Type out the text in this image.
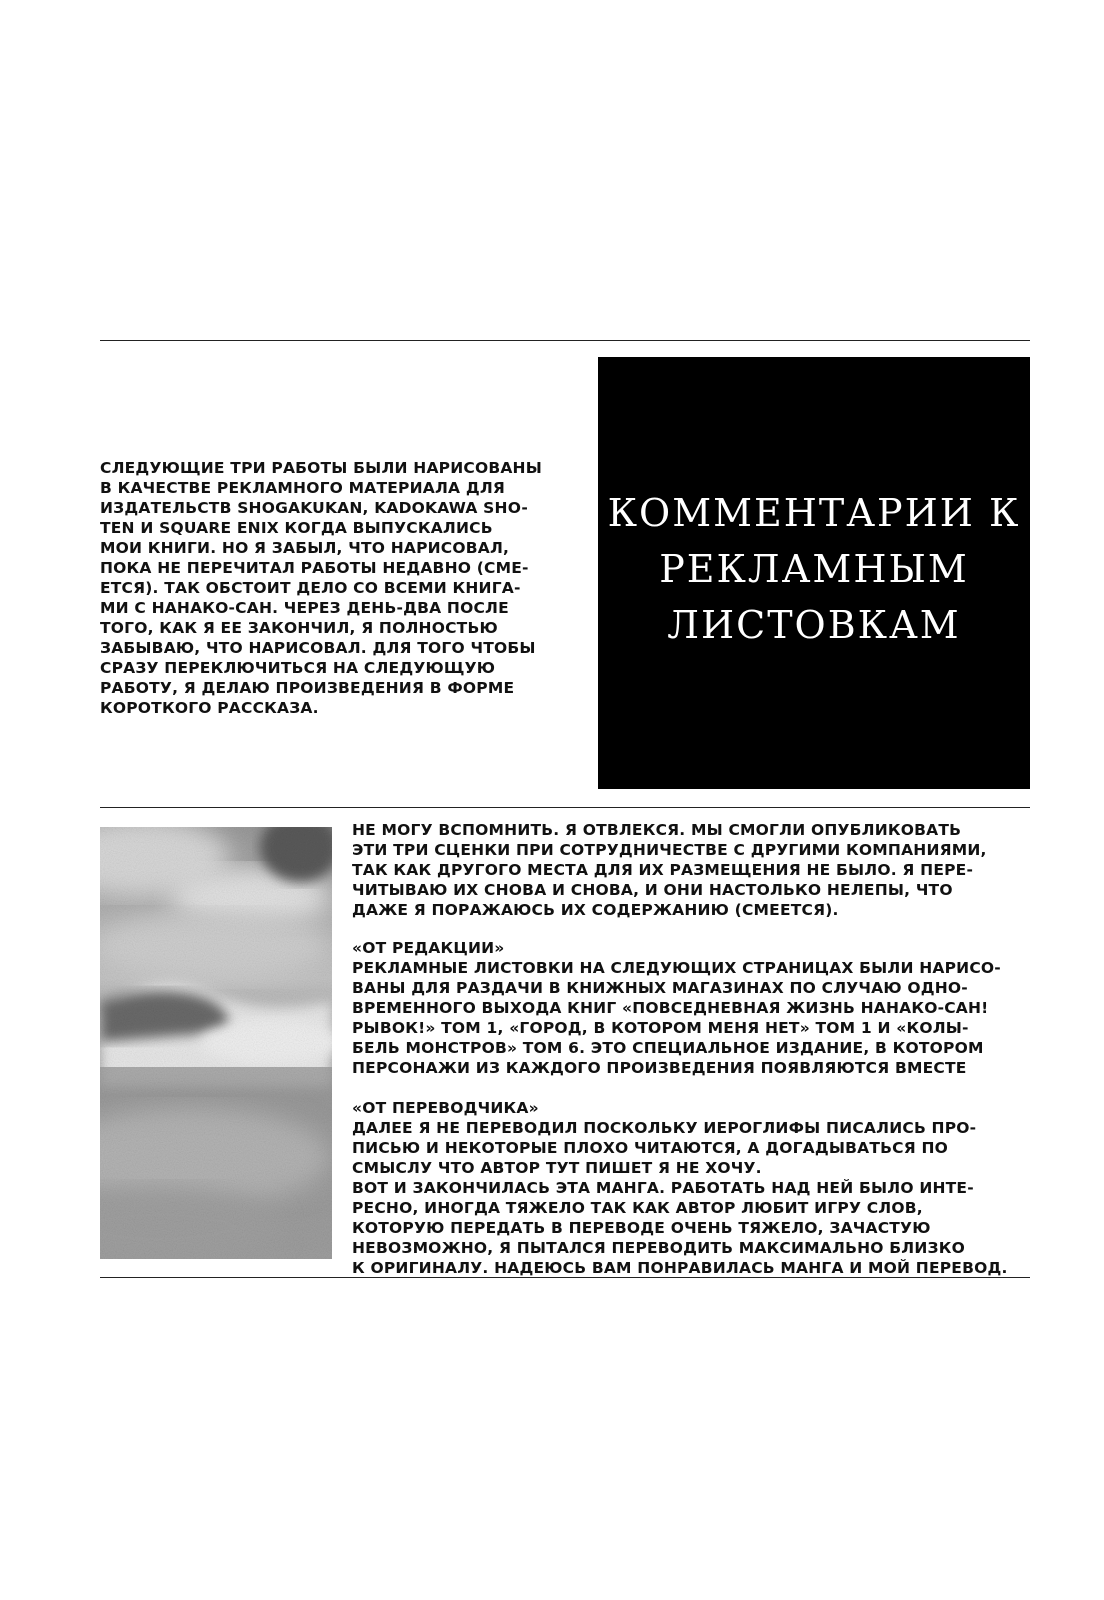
СЛЕДУЮЩИЕ ТРИ РАБОТЫ БЫЛИ НАРИСОВАНЫ
В КАЧЕСТВЕ РЕКЛАМНОГО МАТЕРИАЛА ДЛЯ
ИЗДАТЕЛЬСТВ SHOGAKUKAN, KADOKAWA SHO-
TEN И SQUARE ENIX КОГДА ВЫПУСКАЛИСЬ
МОИ КНИГИ. НО Я ЗАБЫЛ, ЧТО НАРИСОВАЛ,
ПОКА НЕ ПЕРЕЧИТАЛ РАБОТЫ НЕДАВНО (СМЕ-
ЕТСЯ). ТАК ОБСТОИТ ДЕЛО СО ВСЕМИ КНИГА-
МИ С НАНАКО-САН. ЧЕРЕЗ ДЕНЬ-ДВА ПОСЛЕ
ТОГО, КАК Я ЕЕ ЗАКОНЧИЛ, Я ПОЛНОСТЬЮ
ЗАБЫВАЮ, ЧТО НАРИСОВАЛ. ДЛЯ ТОГО ЧТОБЫ
СРАЗУ ПЕРЕКЛЮЧИТЬСЯ НА СЛЕДУЮЩУЮ
РАБОТУ, Я ДЕЛАЮ ПРОИЗВЕДЕНИЯ В ФОРМЕ
КОРОТКОГО РАССКАЗА.
КОММЕНТАРИИ К
РЕКЛАМНЫМ
ЛИСТОВКАМ
НЕ МОГУ ВСПОМНИТЬ. Я ОТВЛЕКСЯ. МЫ СМОГЛИ ОПУБЛИКОВАТЬ
ЭТИ ТРИ СЦЕНКИ ПРИ СОТРУДНИЧЕСТВЕ С ДРУГИМИ КОМПАНИЯМИ,
ТАК КАК ДРУГОГО МЕСТА ДЛЯ ИХ РАЗМЕЩЕНИЯ НЕ БЫЛО. Я ПЕРЕ-
ЧИТЫВАЮ ИХ СНОВА И СНОВА, И ОНИ НАСТОЛЬКО НЕЛЕПЫ, ЧТО
ДАЖЕ Я ПОРАЖАЮСЬ ИХ СОДЕРЖАНИЮ (СМЕЕТСЯ).
«ОТ РЕДАКЦИИ»
РЕКЛАМНЫЕ ЛИСТОВКИ НА СЛЕДУЮЩИХ СТРАНИЦАХ БЫЛИ НАРИСО-
ВАНЫ ДЛЯ РАЗДАЧИ В КНИЖНЫХ МАГАЗИНАХ ПО СЛУЧАЮ ОДНО-
ВРЕМЕННОГО ВЫХОДА КНИГ «ПОВСЕДНЕВНАЯ ЖИЗНЬ НАНАКО-САН!
РЫВОК!» ТОМ 1, «ГОРОД, В КОТОРОМ МЕНЯ НЕТ» ТОМ 1 И «КОЛЫ-
БЕЛЬ МОНСТРОВ» ТОМ 6. ЭТО СПЕЦИАЛЬНОЕ ИЗДАНИЕ, В КОТОРОМ
ПЕРСОНАЖИ ИЗ КАЖДОГО ПРОИЗВЕДЕНИЯ ПОЯВЛЯЮТСЯ ВМЕСТЕ
«ОТ ПЕРЕВОДЧИКА»
ДАЛЕЕ Я НЕ ПЕРЕВОДИЛ ПОСКОЛЬКУ ИЕРОГЛИФЫ ПИСАЛИСЬ ПРО-
ПИСЬЮ И НЕКОТОРЫЕ ПЛОХО ЧИТАЮТСЯ, А ДОГАДЫВАТЬСЯ ПО
СМЫСЛУ ЧТО АВТОР ТУТ ПИШЕТ Я НЕ ХОЧУ.
ВОТ И ЗАКОНЧИЛАСЬ ЭТА МАНГА. РАБОТАТЬ НАД НЕЙ БЫЛО ИНТЕ-
РЕСНО, ИНОГДА ТЯЖЕЛО ТАК КАК АВТОР ЛЮБИТ ИГРУ СЛОВ,
КОТОРУЮ ПЕРЕДАТЬ В ПЕРЕВОДЕ ОЧЕНЬ ТЯЖЕЛО, ЗАЧАСТУЮ
НЕВОЗМОЖНО, Я ПЫТАЛСЯ ПЕРЕВОДИТЬ МАКСИМАЛЬНО БЛИЗКО
К ОРИГИНАЛУ. НАДЕЮСЬ ВАМ ПОНРАВИЛАСЬ МАНГА И МОЙ ПЕРЕВОД.
